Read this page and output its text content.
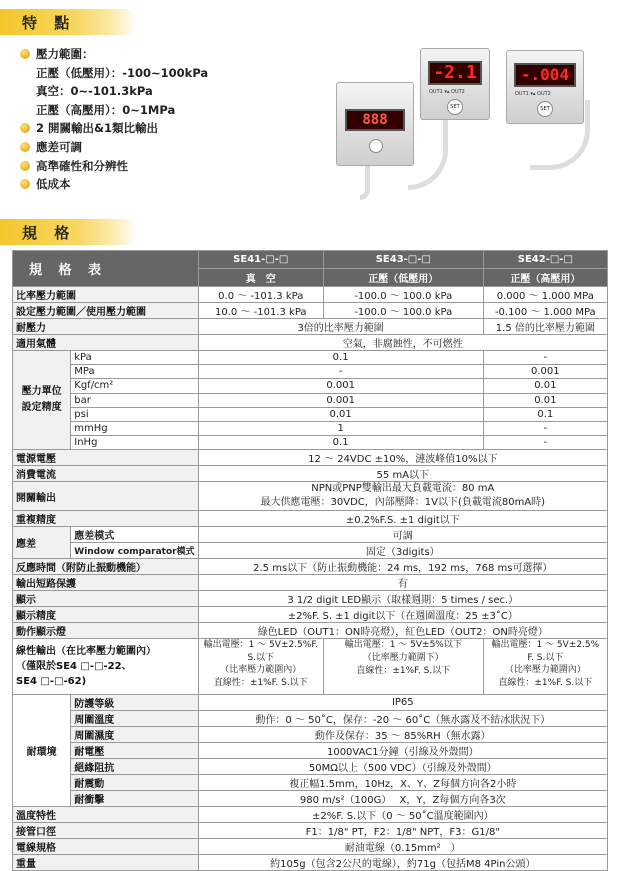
特 點
壓力範圍：
正壓（低壓用）：-100~100kPa
真空：0~-101.3kPa
正壓（高壓用）：0~1MPa
2 開關輸出&1類比輸出
應差可調
高準確性和分辨性
低成本
-2.1
OUT1 ▾▴ OUT2
SET
-.004
OUT1 ▾▴ OUT2
SET
888
規 格
規 格 表		SE41-□-□	SE43-□-□	SE42-□-□
		真　空	正壓（低壓用）	正壓（高壓用）
比率壓力範圍		0.0 ～ -101.3 kPa	-100.0 ～ 100.0 kPa	0.000 ～ 1.000 MPa
設定壓力範圍／使用壓力範圍		10.0 ～ -101.3 kPa	-100.0 ～ 100.0 kPa	-0.100 ～ 1.000 MPa
耐壓力		3倍的比率壓力範圍		1.5 倍的比率壓力範圍
適用氣體		空氣，非腐蝕性，不可燃性		
壓力單位
設定精度	kPa	0.1		-
	MPa	-		0.001
	Kgf/cm²	0.001		0.01
	bar	0.001		0.01
	psi	0.01		0.1
	mmHg	1		-
	InHg	0.1		-
電源電壓		12 ～ 24VDC ±10%，漣波峰值10%以下		
消費電流		55 mA以下		
開關輸出		NPN或PNP雙輸出最大負載電流：80 mA
最大供應電壓：30VDC，內部壓降：1V以下(負載電流80mA時)		
重複精度		±0.2%F.S. ±1 digit以下		
應差	應差模式	可調		
	Window comparator模式	固定（3digits）		
反應時間（附防止振動機能）		2.5 ms以下（防止振動機能：24 ms，192 ms，768 ms可選擇）		
輸出短路保護		有		
顯示		3 1/2 digit LED顯示（取樣週期：5 times / sec.）		
顯示精度		±2%F. S. ±1 digit以下（在週圍溫度：25 ±3˚C）		
動作顯示燈		綠色LED（OUT1：ON時亮燈），紅色LED（OUT2：ON時亮燈）		
線性輸出（在比率壓力範圍內）
（僅限於SE4 □-□-22、
SE4 □-□-62)		輸出電壓：1 ～ 5V±2.5%F.
S.以下
（比率壓力範圍內）
直線性：±1%F. S.以下	輸出電壓：1 ～ 5V±5%以下
（比率壓力範圍下）
直線性：±1%F. S.以下	輸出電壓：1 ～ 5V±2.5%
F. S.以下
（比率壓力範圍內）
直線性：±1%F. S.以下
耐環境	防護等級	IP65		
	周圍溫度	動作：0 ～ 50˚C，保存：-20 ～ 60˚C（無水露及不結冰狀況下）		
	周圍濕度	動作及保存：35 ～ 85%RH（無水露）		
	耐電壓	1000VAC1分鐘（引線及外殼間）		
	絕緣阻抗	50MΩ以上（500 VDC）（引線及外殼間）		
	耐震動	複正幅1.5mm，10Hz，X、Y、Z每個方向各2小時		
	耐衝擊	980 m/s²（100G）　 X，Y，Z每個方向各3次		
溫度特性		±2%F. S.以下（0 ～ 50˚C溫度範圍內）		
接管口徑		F1：1/8" PT，F2：1/8" NPT，F3：G1/8"		
電線規格		耐油電線（0.15mm²　）		
重量		約105g（包含2公尺的電線），約71g（包括M8 4Pin公頭）		
